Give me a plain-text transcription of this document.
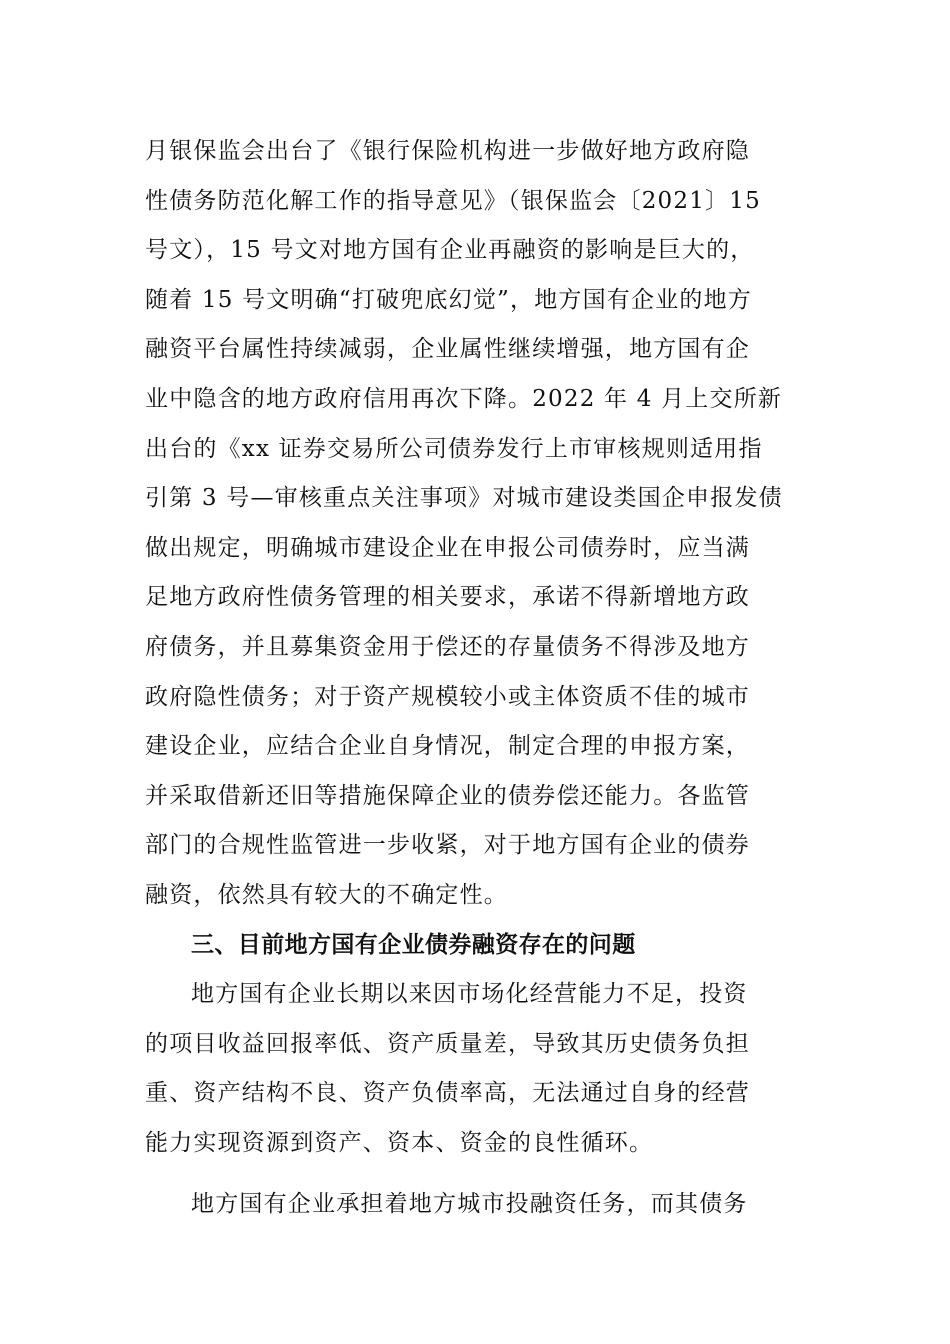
月银保监会出台了《银行保险机构进一步做好地方政府隐
性债务防范化解工作的指导意见》（银保监会〔2021〕15
号文），15 号文对地方国有企业再融资的影响是巨大的，
随着 15 号文明确“打破兜底幻觉”，地方国有企业的地方
融资平台属性持续减弱，企业属性继续增强，地方国有企
业中隐含的地方政府信用再次下降。2022 年 4 月上交所新
出台的《xx 证券交易所公司债券发行上市审核规则适用指
引第 3 号—审核重点关注事项》对城市建设类国企申报发债
做出规定，明确城市建设企业在申报公司债券时，应当满
足地方政府性债务管理的相关要求，承诺不得新增地方政
府债务，并且募集资金用于偿还的存量债务不得涉及地方
政府隐性债务；对于资产规模较小或主体资质不佳的城市
建设企业，应结合企业自身情况，制定合理的申报方案，
并采取借新还旧等措施保障企业的债券偿还能力。各监管
部门的合规性监管进一步收紧，对于地方国有企业的债券
融资，依然具有较大的不确定性。
三、目前地方国有企业债券融资存在的问题
地方国有企业长期以来因市场化经营能力不足，投资
的项目收益回报率低、资产质量差，导致其历史债务负担
重、资产结构不良、资产负债率高，无法通过自身的经营
能力实现资源到资产、资本、资金的良性循环。
地方国有企业承担着地方城市投融资任务，而其债务
